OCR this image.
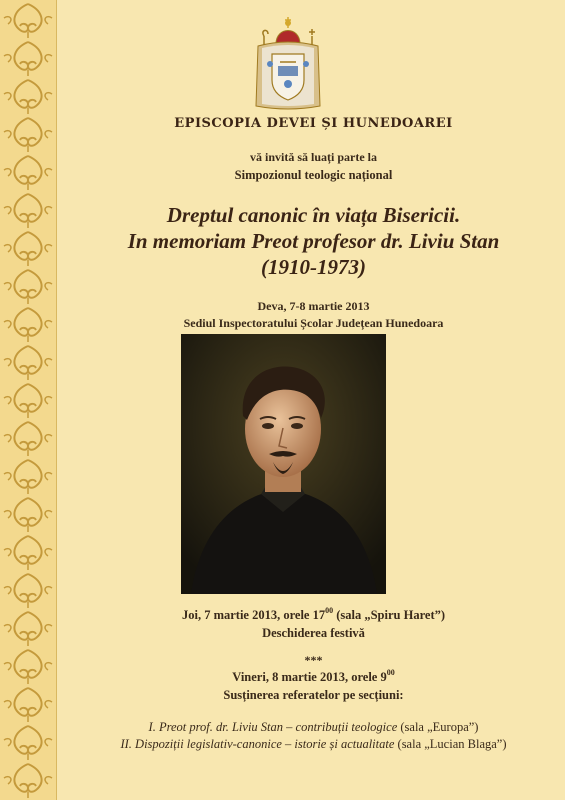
EPISCOPIA DEVEI ȘI HUNEDOAREI
vă invită să luați parte la
Simpozionul teologic național
Dreptul canonic în viața Bisericii.
In memoriam Preot profesor dr. Liviu Stan
(1910-1973)
Deva, 7-8 martie 2013
Sediul Inspectoratului Școlar Județean Hunedoara
Joi, 7 martie 2013, orele $17^{00}$ (sala „Spiru Haret”)
Deschiderea festivă
***
Vineri, 8 martie 2013, orele $9^{00}$
Susținerea referatelor pe secțiuni:
I. Preot prof. dr. Liviu Stan – contribuții teologice (sala „Europa”)
II. Dispoziții legislativ-canonice – istorie și actualitate (sala „Lucian Blaga”)
